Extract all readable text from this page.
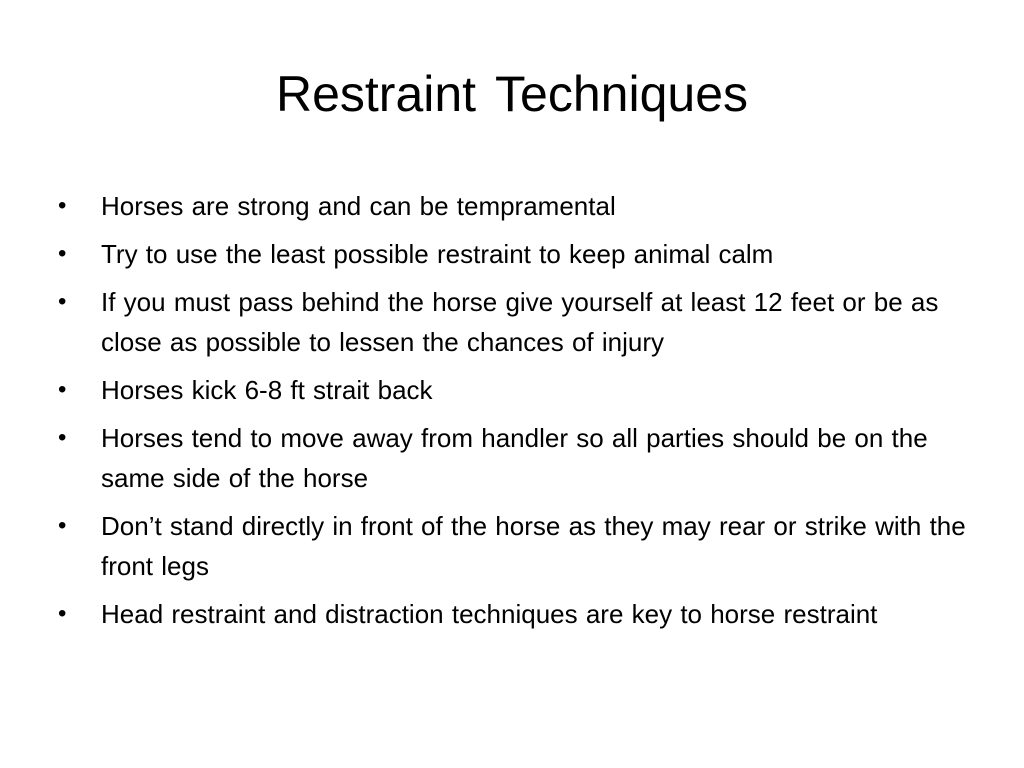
Restraint Techniques
•	Horses are strong and can be tempramental
•	Try to use the least possible restraint to keep animal calm
•	If you must pass behind the horse give yourself at least 12 feet or be as close as possible to lessen the chances of injury
•	Horses kick 6-8 ft strait back
•	Horses tend to move away from handler so all parties should be on the same side of the horse
•	Don’t stand directly in front of the horse as they may rear or strike with the front legs
•	Head restraint and distraction techniques are key to horse restraint
